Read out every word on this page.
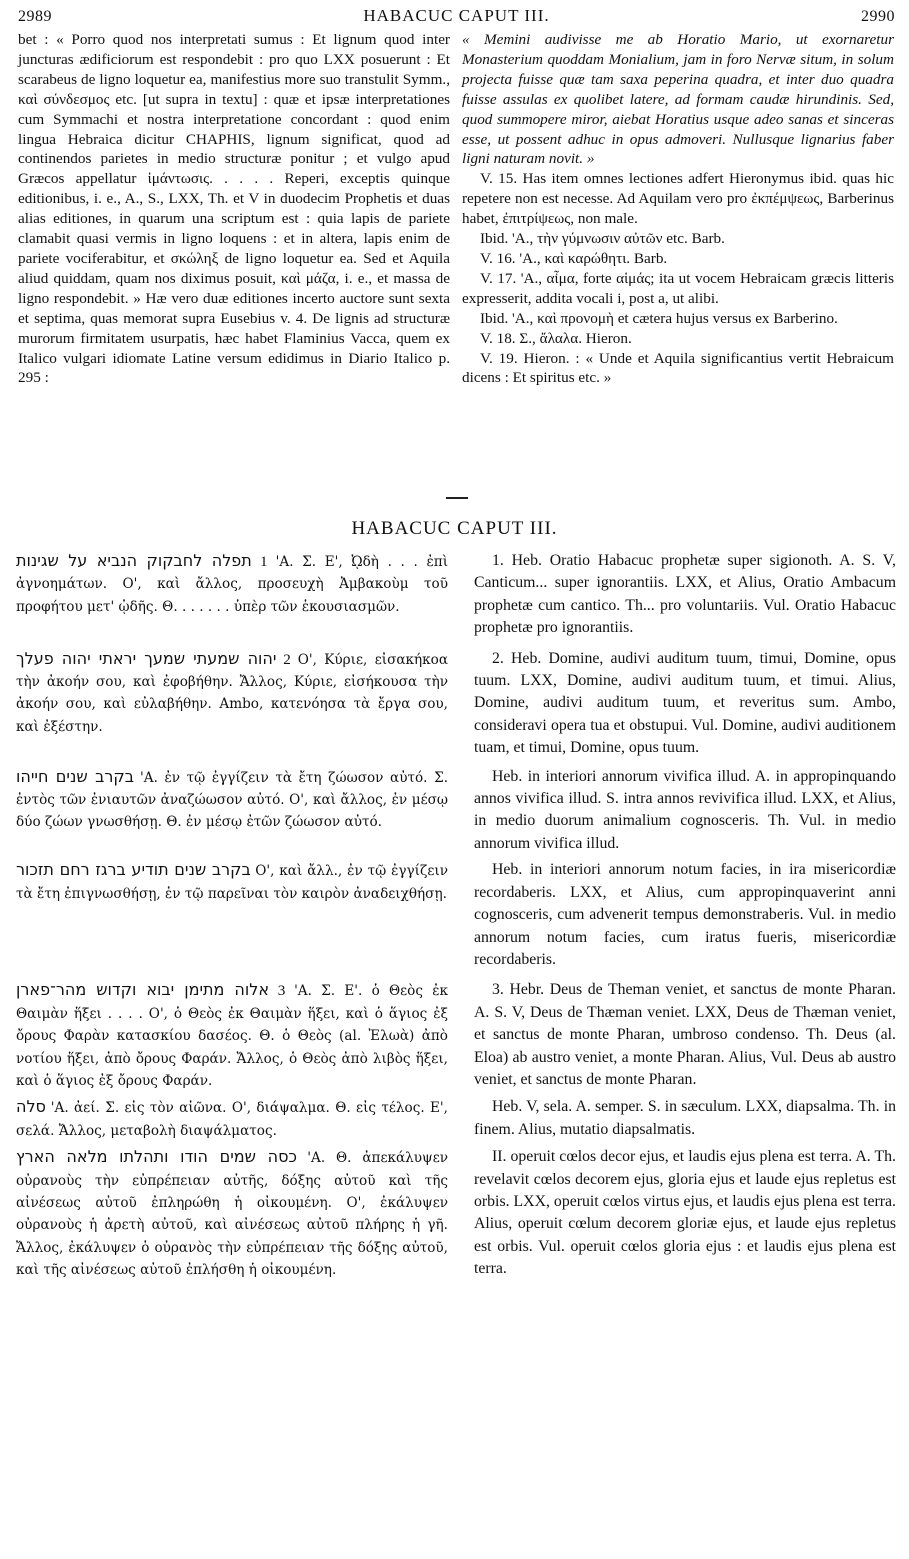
2989	HABACUC CAPUT III.	2990

bet : « Porro quod nos interpretati sumus : Et lignum quod inter juncturas ædificiorum est respondebit : pro quo LXX posuerunt : Et scarabeus de ligno loquetur ea, manifestius more suo transtulit Symm., καὶ σύνδεσμος etc. [ut supra in textu] : quæ et ipsæ interpretationes cum Symmachi et nostra interpretatione concordant : quod enim lingua Hebraica dicitur CHAPHIS, lignum significat, quod ad continendos parietes in medio structuræ ponitur ; et vulgo apud Græcos appellatur ἱμάντωσις. . . . . Reperi, exceptis quinque editionibus, i. e., A., S., LXX, Th. et V in duodecim Prophetis et duas alias editiones, in quarum una scriptum est : quia lapis de pariete clamabit quasi vermis in ligno loquens : et in altera, lapis enim de pariete vociferabitur, et σκώληξ de ligno loquetur ea. Sed et Aquila aliud quiddam, quam nos diximus posuit, καὶ μάζα, i. e., et massa de ligno respondebit. » Hæ vero duæ editiones incerto auctore sunt sexta et septima, quas memorat supra Eusebius v. 4. De lignis ad structuræ murorum firmitatem usurpatis, hæc habet Flaminius Vacca, quem ex Italico vulgari idiomate Latine versum edidimus in Diario Italico p. 295 :

« Memini audivisse me ab Horatio Mario, ut exornaretur Monasterium quoddam Monialium, jam in foro Nervæ situm, in solum projecta fuisse quæ tam saxa peperina quadra, et inter duo quadra fuisse assulas ex quolibet latere, ad formam caudæ hirundinis. Sed, quod summopere miror, aiebat Horatius usque adeo sanas et sinceras esse, ut possent adhuc in opus admoveri. Nullusque lignarius faber ligni naturam novit. »

V. 15. Has item omnes lectiones adfert Hieronymus ibid. quas hic repetere non est necesse. Ad Aquilam vero pro ἐκπέμψεως, Barberinus habet, ἐπιτρίψεως, non male.

Ibid. 'Α., τὴν γύμνωσιν αὐτῶν etc. Barb.

V. 16. 'Α., καὶ καρώθητι. Barb.

V. 17. 'Α., αἶμα, forte αἱμάς; ita ut vocem Hebraicam græcis litteris expresserit, addita vocali i, post a, ut alibi.

Ibid. 'Α., καὶ προνομὴ et cætera hujus versus ex Barberino.

V. 18. Σ., ἄλαλα. Hieron.

V. 19. Hieron. : « Unde et Aquila significantius vertit Hebraicum dicens : Et spiritus etc. »

HABACUC CAPUT III.

תפלה לחבקוק הנביא על שגינות 1 'Α. Σ. Ε', ᾨδὴ . . . ἐπὶ ἀγνοημάτων. Ο', καὶ ἄλλος, προσευχὴ Ἀμβακοὺμ τοῦ προφήτου μετ' ᾠδῆς. Θ. . . . . . . ὑπὲρ τῶν ἑκουσιασμῶν.

1. Heb. Oratio Habacuc prophetæ super sigionoth. A. S. V, Canticum... super ignorantiis. LXX, et Alius, Oratio Ambacum prophetæ cum cantico. Th... pro voluntariis. Vul. Oratio Habacuc prophetæ pro ignorantiis.

יהוה שמעתי שמעך יראתי יהוה פעלך 2 Ο', Κύριε, εἰσακήκοα τὴν ἀκοήν σου, καὶ ἐφοβήθην. Ἄλλος, Κύριε, εἰσήκουσα τὴν ἀκοήν σου, καὶ εὐλαβήθην. Ambo, κατενόησα τὰ ἔργα σου, καὶ ἐξέστην.

2. Heb. Domine, audivi auditum tuum, timui, Domine, opus tuum. LXX, Domine, audivi auditum tuum, et timui. Alius, Domine, audivi auditum tuum, et reveritus sum. Ambo, consideravi opera tua et obstupui. Vul. Domine, audivi auditionem tuam, et timui, Domine, opus tuum.

בקרב שנים חייהו 'Α. ἐν τῷ ἐγγίζειν τὰ ἔτη ζώωσον αὐτό. Σ. ἐντὸς τῶν ἐνιαυτῶν ἀναζώωσον αὐτό. Ο', καὶ ἄλλος, ἐν μέσῳ δύο ζώων γνωσθήσῃ. Θ. ἐν μέσῳ ἐτῶν ζώωσον αὐτό.

Heb. in interiori annorum vivifica illud. A. in appropinquando annos vivifica illud. S. intra annos revivifica illud. LXX, et Alius, in medio duorum animalium cognosceris. Th. Vul. in medio annorum vivifica illud.

בקרב שנים תודיע ברגז רחם תזכור Ο', καὶ ἄλλ., ἐν τῷ ἐγγίζειν τὰ ἔτη ἐπιγνωσθήσῃ, ἐν τῷ παρεῖναι τὸν καιρὸν ἀναδειχθήσῃ.

Heb. in interiori annorum notum facies, in ira misericordiæ recordaberis. LXX, et Alius, cum appropinquaverint anni cognosceris, cum advenerit tempus demonstraberis. Vul. in medio annorum notum facies, cum iratus fueris, misericordiæ recordaberis.

אלוה מתימן יבוא וקדוש מהר־פארן 3 'Α. Σ. Ε'. ὁ Θεὸς ἐκ Θαιμὰν ἥξει . . . . Ο', ὁ Θεὸς ἐκ Θαιμὰν ἥξει, καὶ ὁ ἅγιος ἐξ ὄρους Φαρὰν κατασκίου δασέος. Θ. ὁ Θεὸς (al. Ἐλωὰ) ἀπὸ νοτίου ἥξει, ἀπὸ ὄρους Φαράν. Ἄλλος, ὁ Θεὸς ἀπὸ λιβὸς ἥξει, καὶ ὁ ἅγιος ἐξ ὄρους Φαράν.

3. Hebr. Deus de Theman veniet, et sanctus de monte Pharan. A. S. V, Deus de Thæman veniet. LXX, Deus de Thæman veniet, et sanctus de monte Pharan, umbroso condenso. Th. Deus (al. Eloa) ab austro veniet, a monte Pharan. Alius, Vul. Deus ab austro veniet, et sanctus de monte Pharan.

סלה 'Α. ἀεί. Σ. εἰς τὸν αἰῶνα. Ο', διάψαλμα. Θ. εἰς τέλος. Ε', σελά. Ἄλλος, μεταβολὴ διαψάλματος.

Heb. V, sela. A. semper. S. in sæculum. LXX, diapsalma. Th. in finem. Alius, mutatio diapsalmatis.

כסה שמים הודו ותהלתו מלאה הארץ 'Α. Θ. ἀπεκάλυψεν οὐρανοὺς τὴν εὐπρέπειαν αὐτῆς, δόξης αὐτοῦ καὶ τῆς αἰνέσεως αὐτοῦ ἐπληρώθη ἡ οἰκουμένη. Ο', ἐκάλυψεν οὐρανοὺς ἡ ἀρετὴ αὐτοῦ, καὶ αἰνέσεως αὐτοῦ πλήρης ἡ γῆ. Ἄλλος, ἐκάλυψεν ὁ οὐρανὸς τὴν εὐπρέπειαν τῆς δόξης αὐτοῦ, καὶ τῆς αἰνέσεως αὐτοῦ ἐπλήσθη ἡ οἰκουμένη.

II. operuit cœlos decor ejus, et laudis ejus plena est terra. A. Th. revelavit cœlos decorem ejus, gloria ejus et laude ejus repletus est orbis. LXX, operuit cœlos virtus ejus, et laudis ejus plena est terra. Alius, operuit cœlum decorem gloriæ ejus, et laude ejus repletus est orbis. Vul. operuit cœlos gloria ejus : et laudis ejus plena est terra.
